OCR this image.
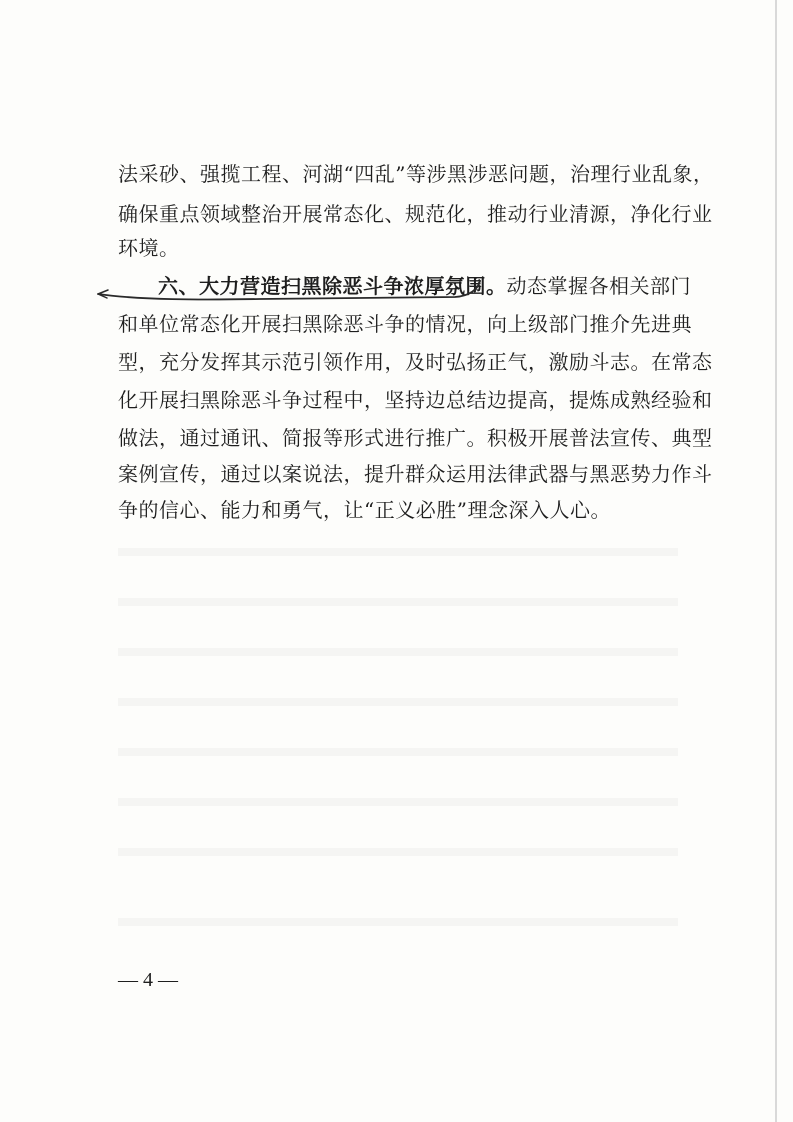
法采砂、强揽工程、河湖“四乱”等涉黑涉恶问题，治理行业乱象，
确保重点领域整治开展常态化、规范化，推动行业清源，净化行业
环境。
六、大力营造扫黑除恶斗争浓厚氛围。动态掌握各相关部门
和单位常态化开展扫黑除恶斗争的情况，向上级部门推介先进典
型，充分发挥其示范引领作用，及时弘扬正气，激励斗志。在常态
化开展扫黑除恶斗争过程中，坚持边总结边提高，提炼成熟经验和
做法，通过通讯、简报等形式进行推广。积极开展普法宣传、典型
案例宣传，通过以案说法，提升群众运用法律武器与黑恶势力作斗
争的信心、能力和勇气，让“正义必胜”理念深入人心。
— 4 —
